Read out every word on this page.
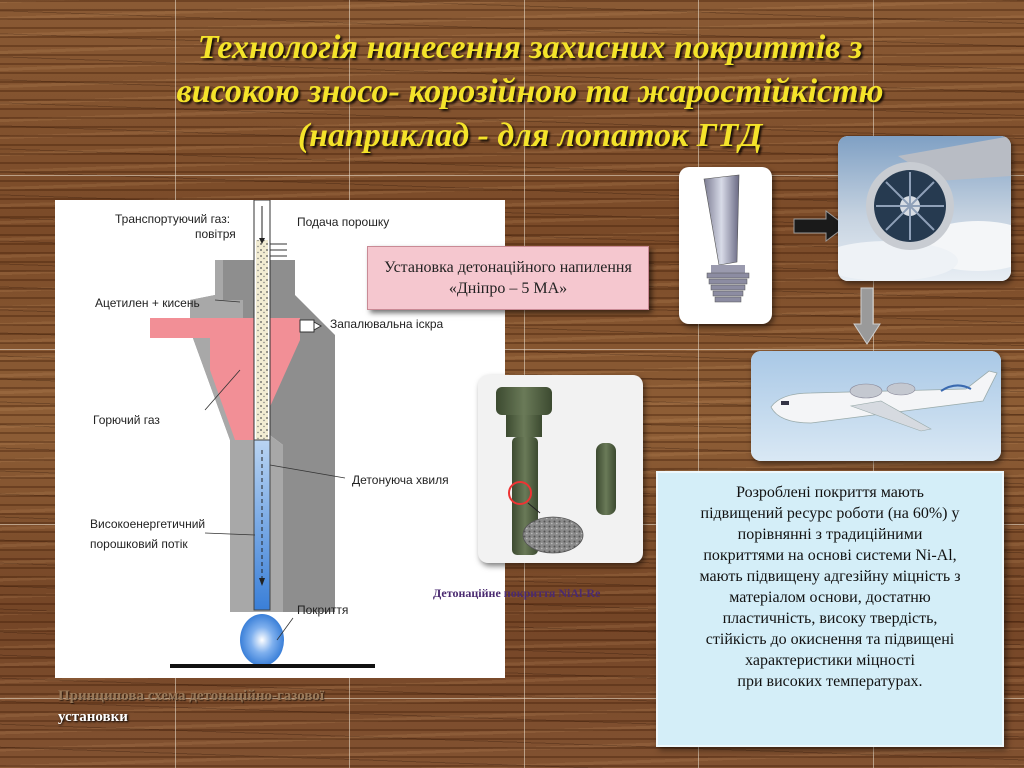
Технологія нанесення захисних покриттів з
високою зносо- корозійною та жаростійкістю
(наприклад - для лопаток ГТД
Транспортуючий газ:
повітря
Подача порошку
Ацетилен + кисень
Запалювальна іскра
Горючий газ
Детонуюча хвиля
Високоенергетичний
порошковий потік
Покриття
Принципова схема детонаційно-газової
установки
Установка детонаційного напилення «Дніпро – 5 МА»
Детонаційне покриття NiAl-Re
Розроблені покриття мають
підвищений ресурс роботи (на 60%) у
порівнянні з традиційними
покриттями на основі системи Ni-Al,
мають підвищену адгезійну міцність з
матеріалом основи, достатню
пластичність, високу твердість,
стійкість до окиснення та підвищені
характеристики міцності
при високих температурах.
